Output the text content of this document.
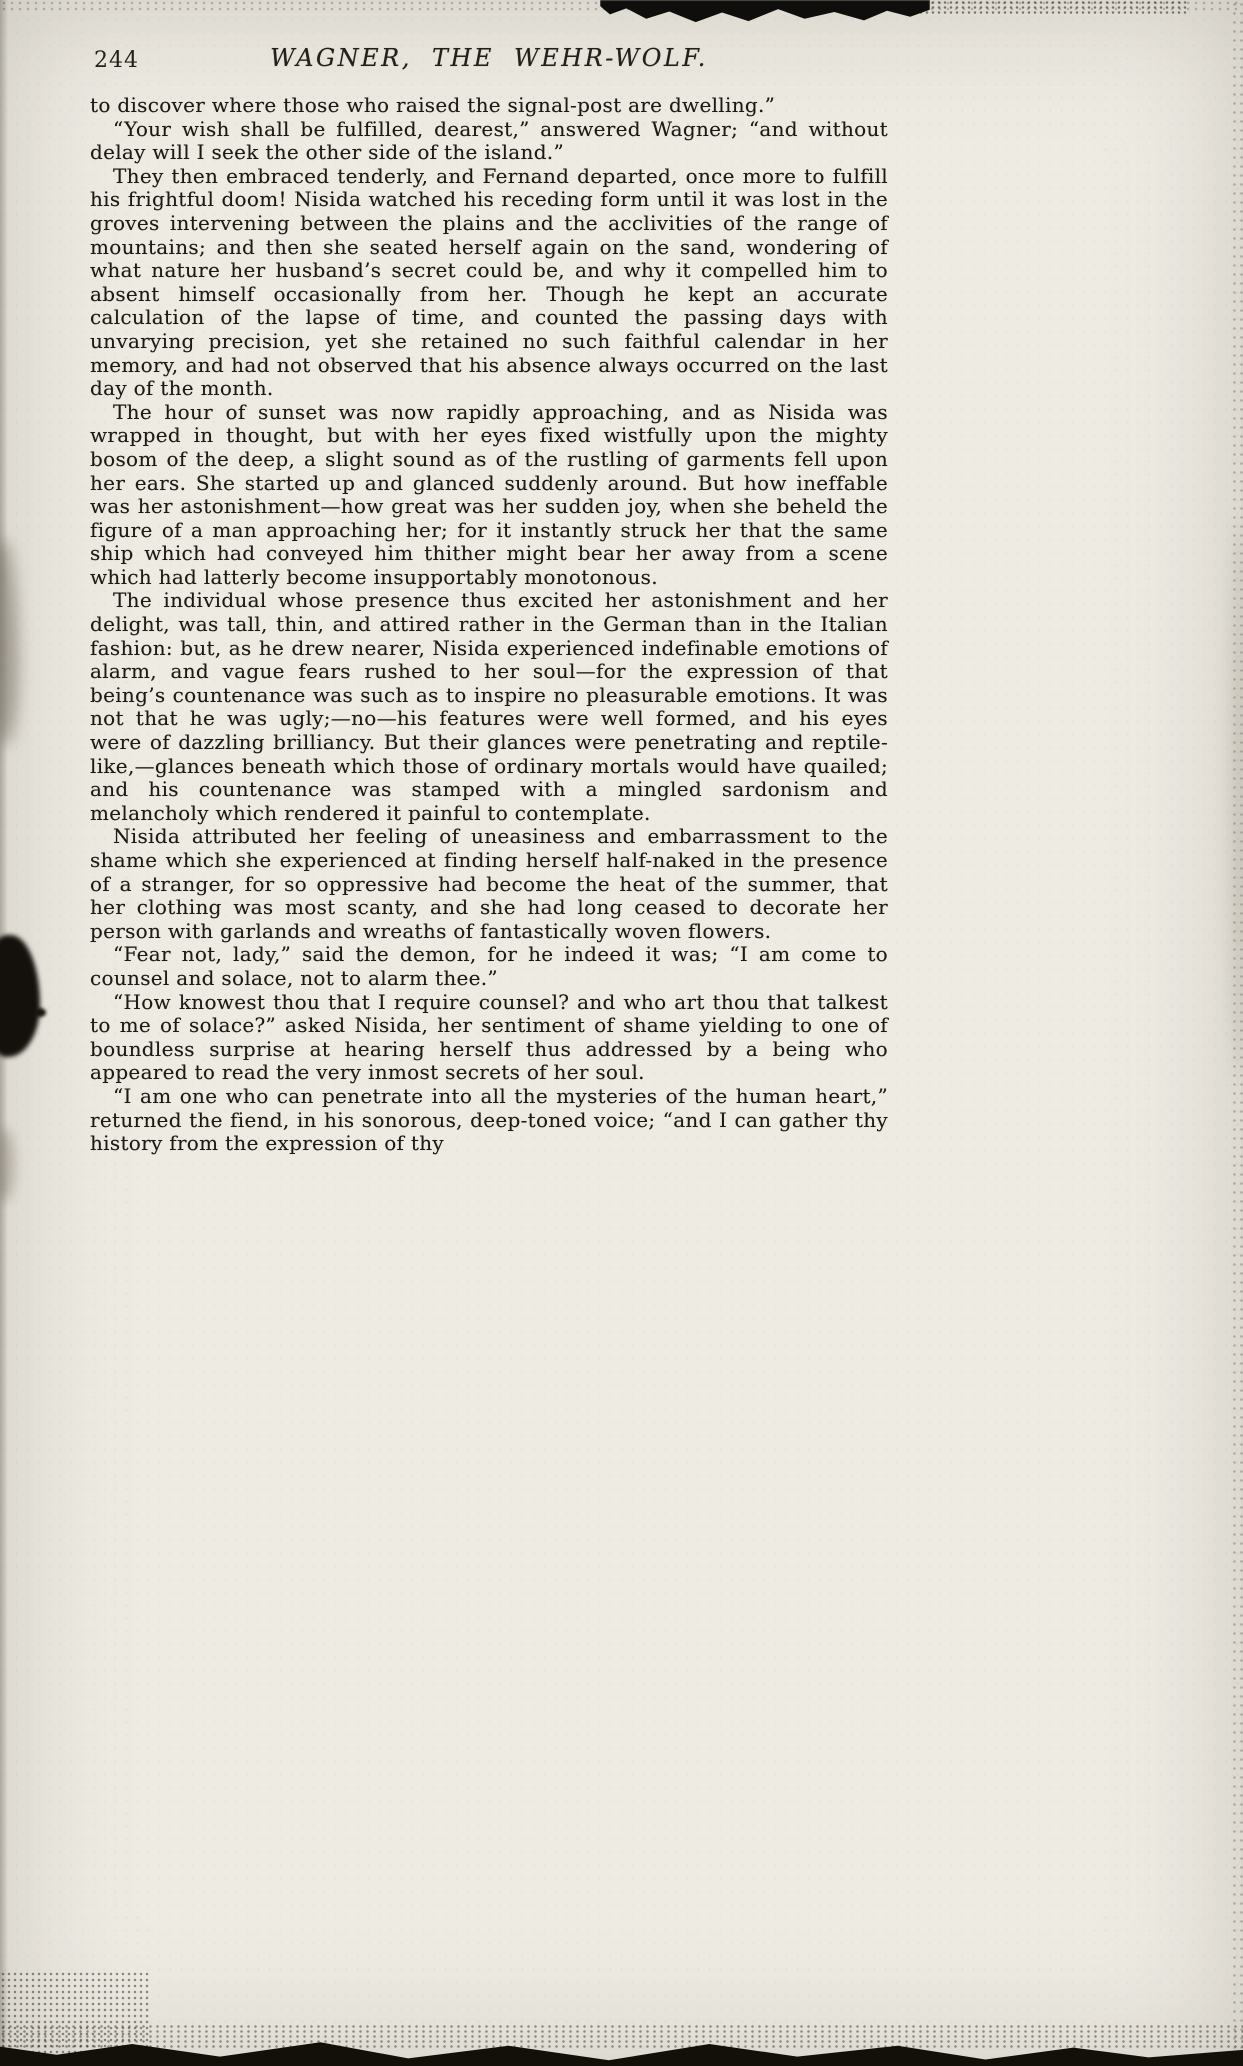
244	WAGNER, THE WEHR-WOLF.

to discover where those who raised the signal-post are dwelling.”

“Your wish shall be fulfilled, dearest,” answered Wagner; “and without delay will I seek the other side of the island.”

They then embraced tenderly, and Fernand departed, once more to fulfill his frightful doom! Nisida watched his receding form until it was lost in the groves intervening between the plains and the acclivities of the range of mountains; and then she seated herself again on the sand, wondering of what nature her husband’s secret could be, and why it compelled him to absent himself occasionally from her. Though he kept an accurate calculation of the lapse of time, and counted the passing days with unvarying precision, yet she retained no such faithful calendar in her memory, and had not observed that his absence always occurred on the last day of the month.

The hour of sunset was now rapidly approaching, and as Nisida was wrapped in thought, but with her eyes fixed wistfully upon the mighty bosom of the deep, a slight sound as of the rustling of garments fell upon her ears. She started up and glanced suddenly around. But how ineffable was her astonishment—how great was her sudden joy, when she beheld the figure of a man approaching her; for it instantly struck her that the same ship which had conveyed him thither might bear her away from a scene which had latterly become insupportably monotonous.

The individual whose presence thus excited her astonishment and her delight, was tall, thin, and attired rather in the German than in the Italian fashion: but, as he drew nearer, Nisida experienced indefinable emotions of alarm, and vague fears rushed to her soul—for the expression of that being’s countenance was such as to inspire no pleasurable emotions. It was not that he was ugly;—no—his features were well formed, and his eyes were of dazzling brilliancy. But their glances were penetrating and reptile-like,—glances beneath which those of ordinary mortals would have quailed; and his countenance was stamped with a mingled sardonism and melancholy which rendered it painful to contemplate.

Nisida attributed her feeling of uneasiness and embarrassment to the shame which she experienced at finding herself half-naked in the presence of a stranger, for so oppressive had become the heat of the summer, that her clothing was most scanty, and she had long ceased to decorate her person with garlands and wreaths of fantastically woven flowers.

“Fear not, lady,” said the demon, for he indeed it was; “I am come to counsel and solace, not to alarm thee.”

“How knowest thou that I require counsel? and who art thou that talkest to me of solace?” asked Nisida, her sentiment of shame yielding to one of boundless surprise at hearing herself thus addressed by a being who appeared to read the very inmost secrets of her soul.

“I am one who can penetrate into all the mysteries of the human heart,” returned the fiend, in his sonorous, deep-toned voice; “and I can gather thy history from the expression of thy
